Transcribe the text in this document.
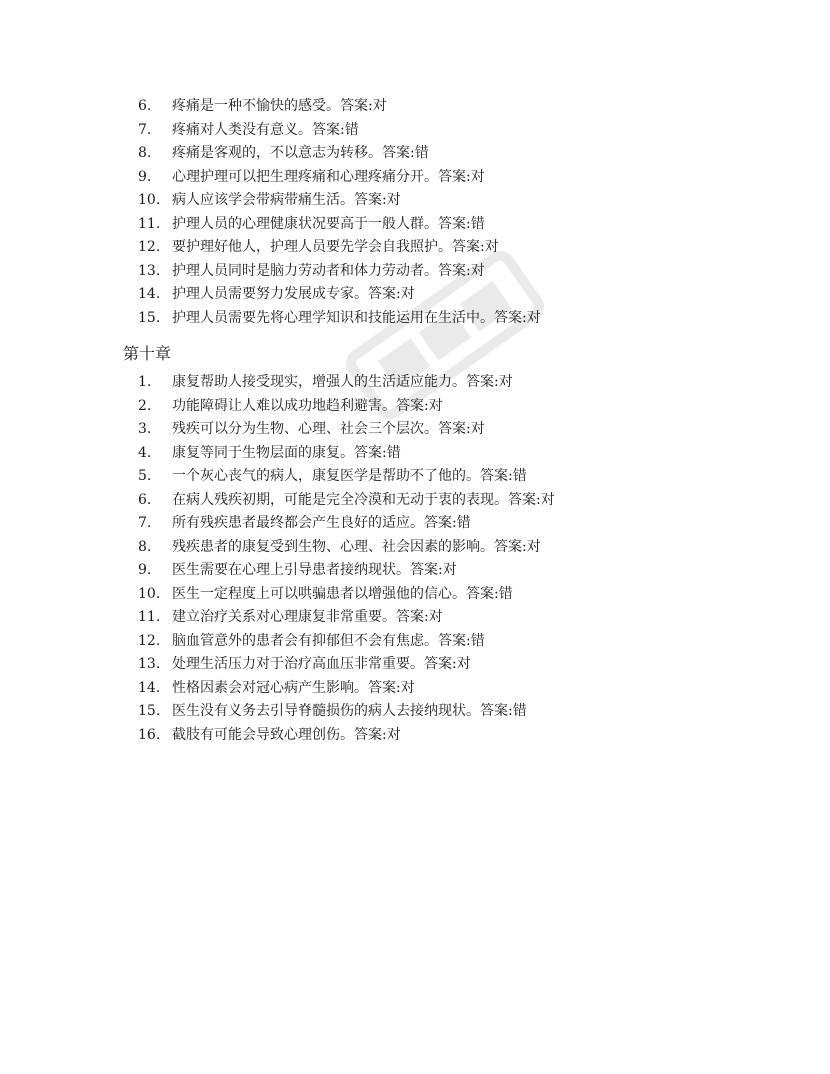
6.	疼痛是一种不愉快的感受。答案:对
7.	疼痛对人类没有意义。答案:错
8.	疼痛是客观的，不以意志为转移。答案:错
9.	心理护理可以把生理疼痛和心理疼痛分开。答案:对
10. 病人应该学会带病带痛生活。答案:对
11. 护理人员的心理健康状况要高于一般人群。答案:错
12. 要护理好他人，护理人员要先学会自我照护。答案:对
13. 护理人员同时是脑力劳动者和体力劳动者。答案:对
14. 护理人员需要努力发展成专家。答案:对
15. 护理人员需要先将心理学知识和技能运用在生活中。答案:对
第十章
1.	康复帮助人接受现实，增强人的生活适应能力。答案:对
2.	功能障碍让人难以成功地趋利避害。答案:对
3.	残疾可以分为生物、心理、社会三个层次。答案:对
4.	康复等同于生物层面的康复。答案:错
5.	一个灰心丧气的病人，康复医学是帮助不了他的。答案:错
6.	在病人残疾初期，可能是完全冷漠和无动于衷的表现。答案:对
7.	所有残疾患者最终都会产生良好的适应。答案:错
8.	残疾患者的康复受到生物、心理、社会因素的影响。答案:对
9.	医生需要在心理上引导患者接纳现状。答案:对
10. 医生一定程度上可以哄骗患者以增强他的信心。答案:错
11. 建立治疗关系对心理康复非常重要。答案:对
12. 脑血管意外的患者会有抑郁但不会有焦虑。答案:错
13. 处理生活压力对于治疗高血压非常重要。答案:对
14. 性格因素会对冠心病产生影响。答案:对
15. 医生没有义务去引导脊髓损伤的病人去接纳现状。答案:错
16. 截肢有可能会导致心理创伤。答案:对
